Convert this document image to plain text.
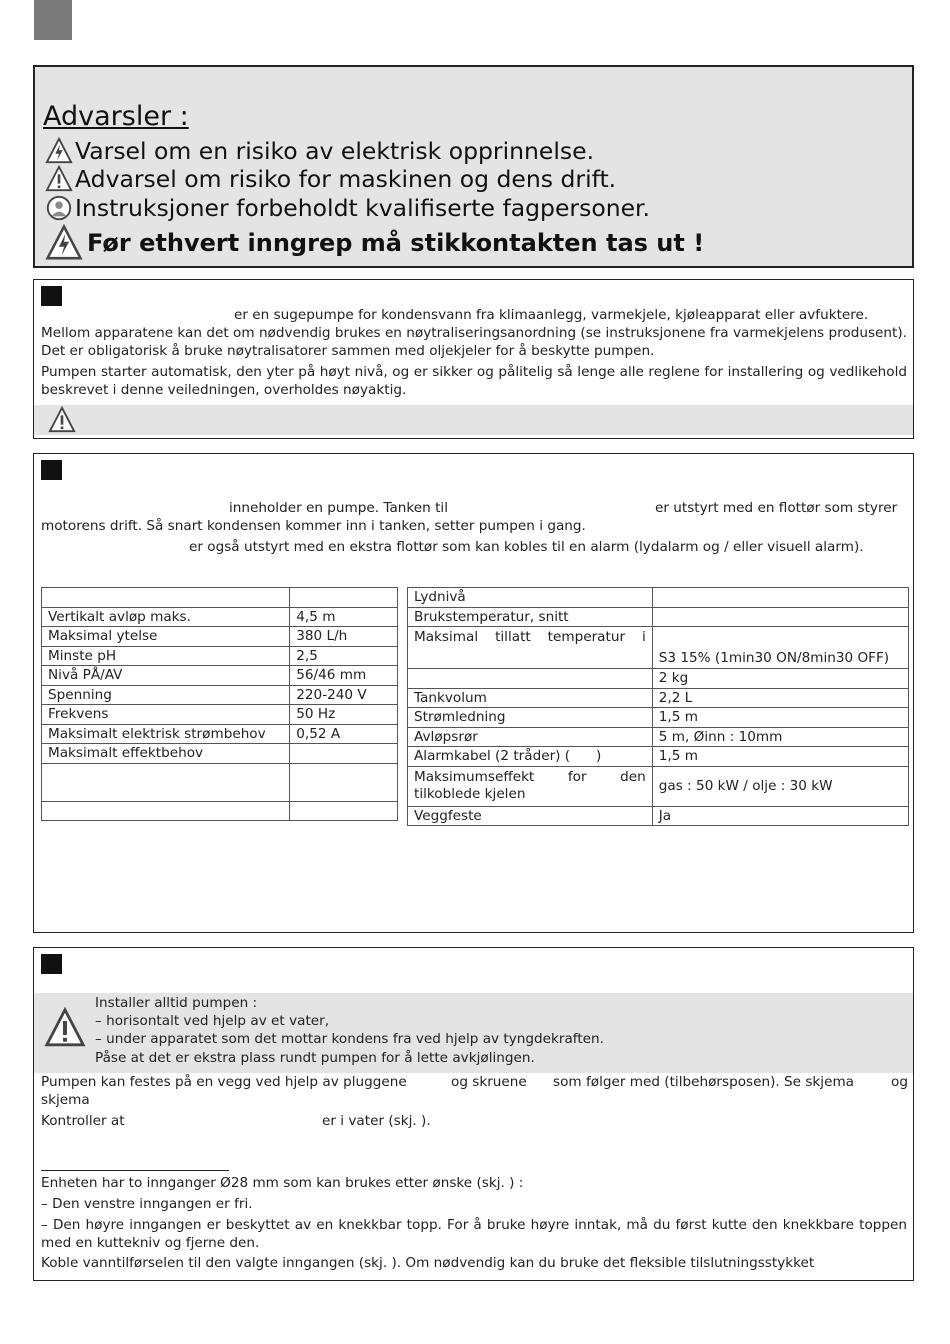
Advarsler :
Varsel om en risiko av elektrisk opprinnelse.
Advarsel om risiko for maskinen og dens drift.
Instruksjoner forbeholdt kvalifiserte fagpersoner.
Før ethvert inngrep må stikkontakten tas ut !
er en sugepumpe for kondensvann fra klimaanlegg, varmekjele, kjøleapparat eller avfuktere.
Mellom apparatene kan det om nødvendig brukes en nøytraliseringsanordning (se instruksjonene fra varmekjelens produsent). Det er obligatorisk å bruke nøytralisatorer sammen med oljekjeler for å beskytte pumpen.
Pumpen starter automatisk, den yter på høyt nivå, og er sikker og pålitelig så lenge alle reglene for installering og vedlikehold beskrevet i denne veiledningen, overholdes nøyaktig.
inneholder en pumpe. Tanken til	er utstyrt med en flottør som styrer
motorens drift. Så snart kondensen kommer inn i tanken, setter pumpen i gang.
er også utstyrt med en ekstra flottør som kan kobles til en alarm (lydalarm og / eller visuell alarm).

Vertikalt avløp maks.	4,5 m
Maksimal ytelse	380 L/h
Minste pH	2,5
Nivå PÅ/AV	56/46 mm
Spenning	220-240 V
Frekvens	50 Hz
Maksimalt elektrisk strømbehov	0,52 A
Maksimalt effektbehov	

Lydnivå	
Brukstemperatur, snitt	
Maksimal tillatt temperatur i	S3 15% (1min30 ON/8min30 OFF)
	2 kg
Tankvolum	2,2 L
Strømledning	1,5 m
Avløpsrør	5 m, Øinn : 10mm
Alarmkabel (2 tråder) (      )	1,5 m
Maksimumseffekt for den tilkoblede kjelen	gas : 50 kW / olje : 30 kW
Veggfeste	Ja
Installer alltid pumpen :
– horisontalt ved hjelp av et vater,
– under apparatet som det mottar kondens fra ved hjelp av tyngdekraften.
Påse at det er ekstra plass rundt pumpen for å lette avkjølingen.
Pumpen kan festes på en vegg ved hjelp av pluggene	og skruene som følger med (tilbehørsposen). Se skjema	og
skjema
Kontroller at	er i vater (skj. ).
Enheten har to innganger Ø28 mm som kan brukes etter ønske (skj. ) :
– Den venstre inngangen er fri.
– Den høyre inngangen er beskyttet av en knekkbar topp. For å bruke høyre inntak, må du først kutte den knekkbare toppen med en kuttekniv og fjerne den.
Koble vanntilførselen til den valgte inngangen (skj. ). Om nødvendig kan du bruke det fleksible tilslutningsstykket
